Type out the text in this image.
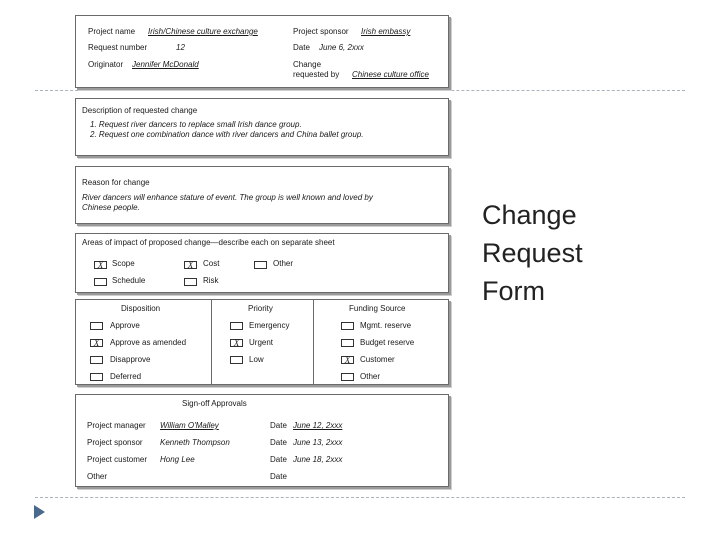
Project name Irish/Chinese culture exchange	Project sponsor Irish embassy
Request number	12	Date June 6, 2xxx
Originator Jennifer McDonald	Change
requested by Chinese culture office
Description of requested change
1. Request river dancers to replace small Irish dance group.
2. Request one combination dance with river dancers and China ballet group.
Reason for change
River dancers will enhance stature of event. The group is well known and loved by
Chinese people.
Areas of impact of proposed change—describe each on separate sheet
X	Scope	X	Cost	Other
Schedule	Risk
Disposition
Approve
X	Approve as amended
Disapprove
Deferred
Priority
Emergency
X	Urgent
Low
Funding Source
Mgmt. reserve
Budget reserve
X	Customer
Other
Sign-off Approvals
Project manager William O'Malley	Date June 12, 2xxx
Project sponsor Kenneth Thompson	Date June 13, 2xxx
Project customer Hong Lee	Date June 18, 2xxx
Other	Date
Change
Request
Form
